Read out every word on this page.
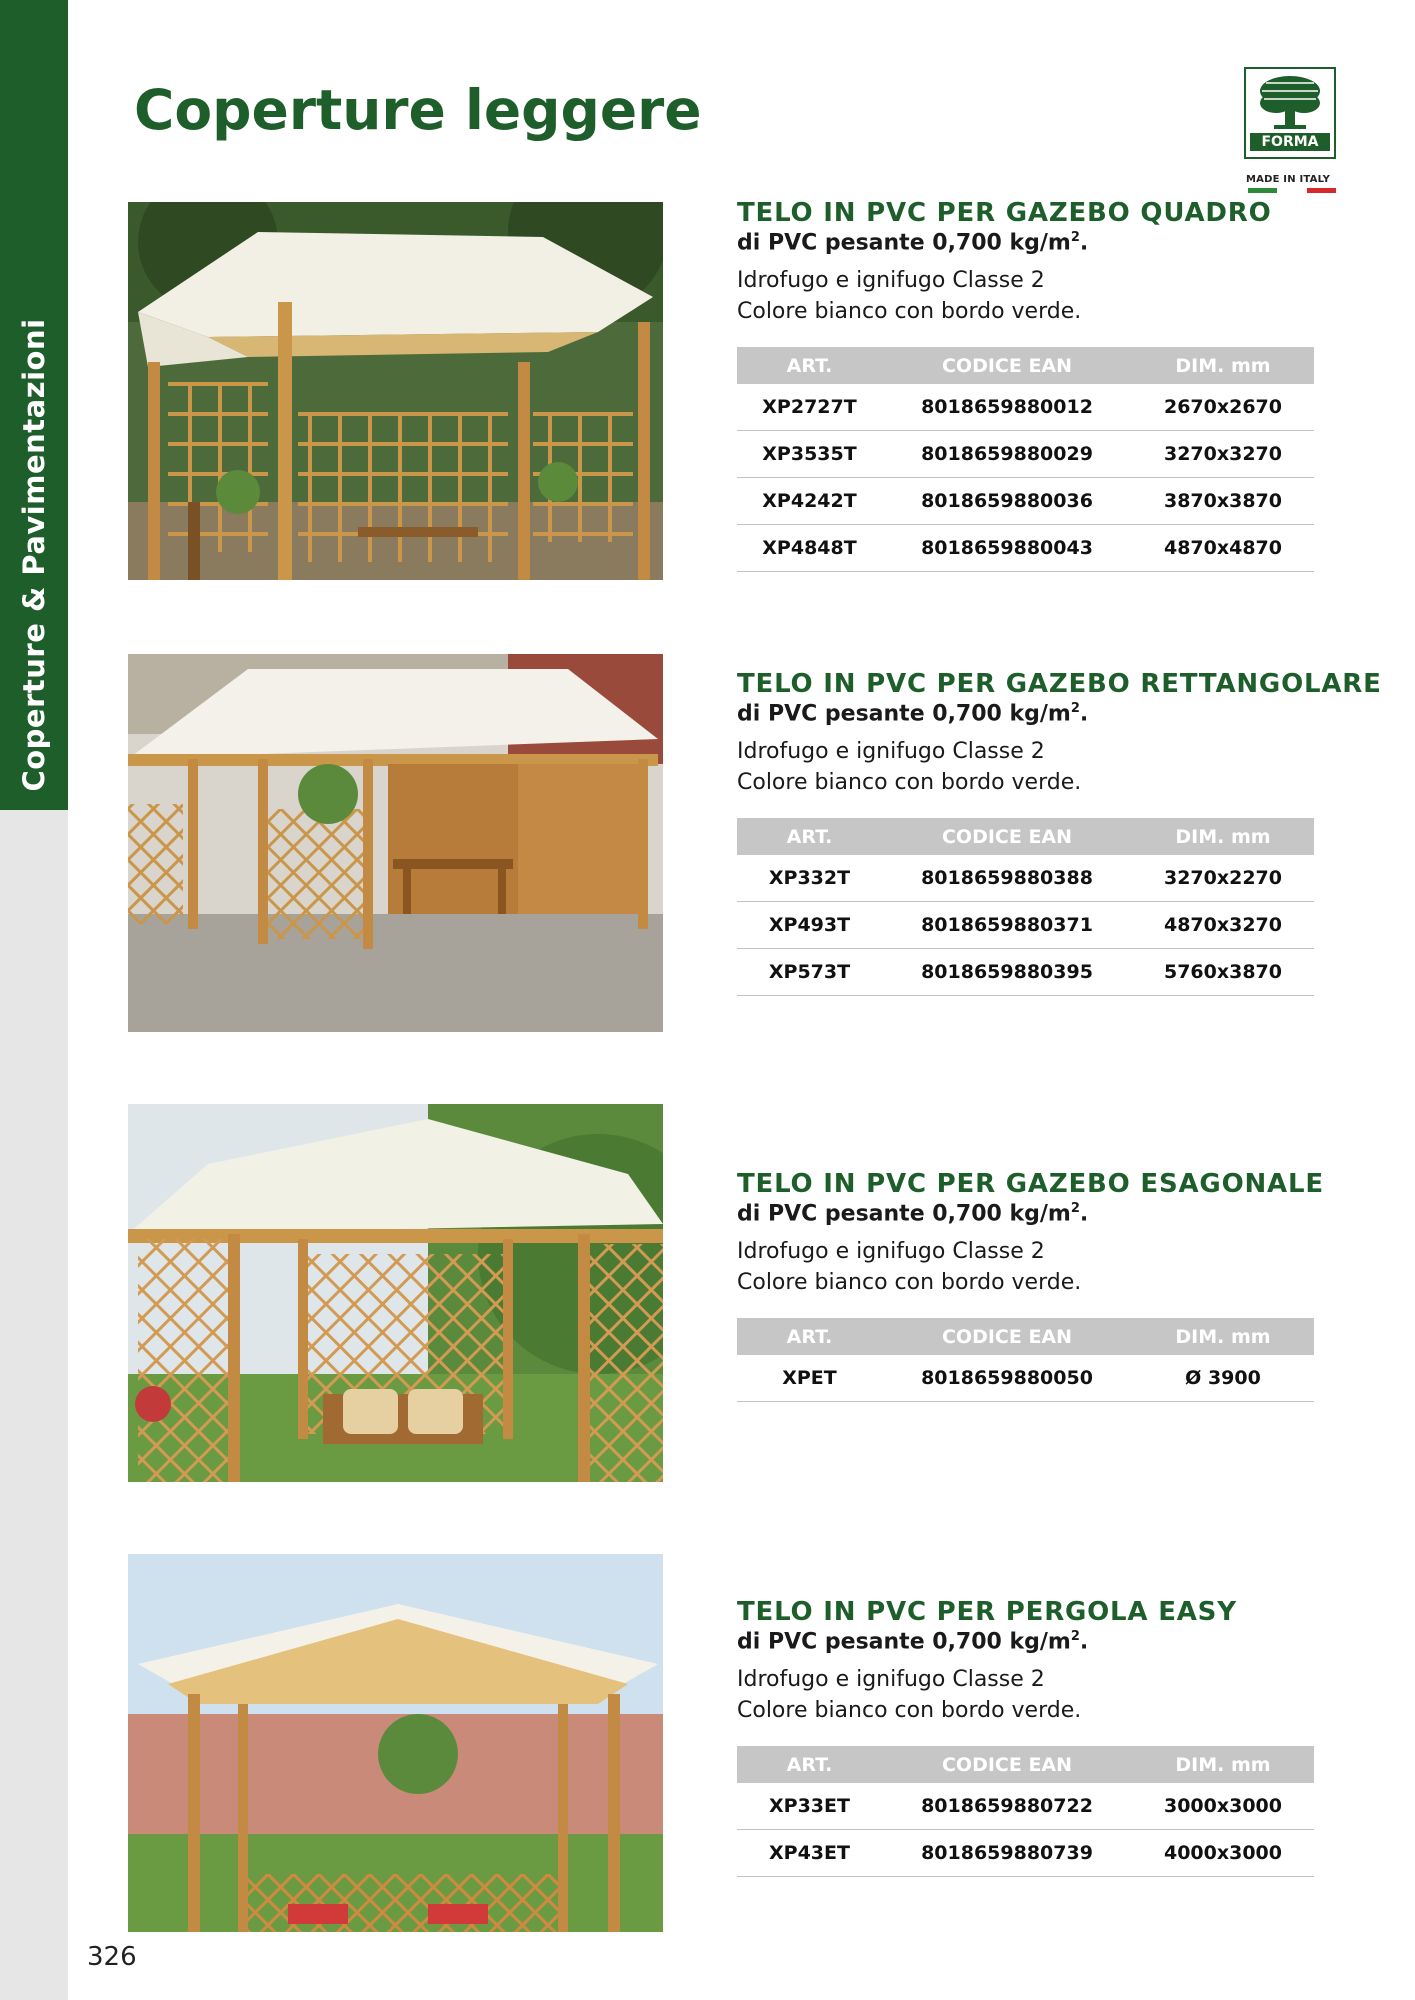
Coperture & Pavimentazioni
Coperture leggere	FORMA
MADE IN ITALY
TELO IN PVC PER GAZEBO QUADRO
di PVC pesante 0,700 $kg/m^2$.
Idrofugo e ignifugo Classe 2
Colore bianco con bordo verde.
ART.	CODICE EAN	DIM. mm
XP2727T	8018659880012	2670x2670
XP3535T	8018659880029	3270x3270
XP4242T	8018659880036	3870x3870
XP4848T	8018659880043	4870x4870
TELO IN PVC PER GAZEBO RETTANGOLARE
di PVC pesante 0,700 $kg/m^2$.
Idrofugo e ignifugo Classe 2
Colore bianco con bordo verde.
ART.	CODICE EAN	DIM. mm
XP332T	8018659880388	3270x2270
XP493T	8018659880371	4870x3270
XP573T	8018659880395	5760x3870
TELO IN PVC PER GAZEBO ESAGONALE
di PVC pesante 0,700 $kg/m^2$.
Idrofugo e ignifugo Classe 2
Colore bianco con bordo verde.
ART.	CODICE EAN	DIM. mm
XPET	8018659880050	Ø 3900
TELO IN PVC PER PERGOLA EASY
di PVC pesante 0,700 $kg/m^2$.
Idrofugo e ignifugo Classe 2
Colore bianco con bordo verde.
ART.	CODICE EAN	DIM. mm
XP33ET	8018659880722	3000x3000
XP43ET	8018659880739	4000x3000
326
